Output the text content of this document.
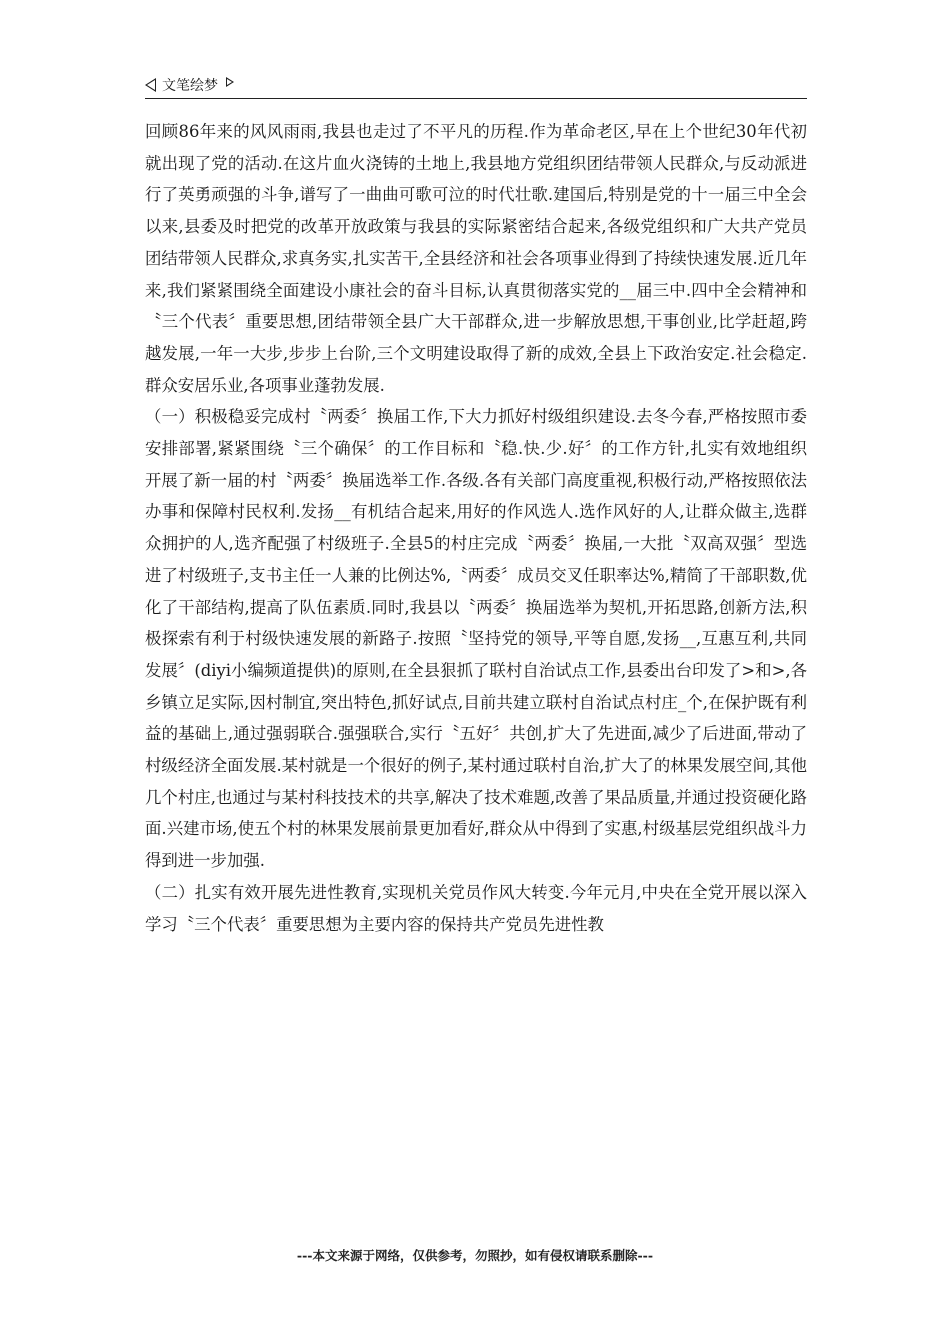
文笔绘梦

回顾86年来的风风雨雨,我县也走过了不平凡的历程.作为革命老区,早在上个世纪30年代初就出现了党的活动.在这片血火浇铸的土地上,我县地方党组织团结带领人民群众,与反动派进行了英勇顽强的斗争,谱写了一曲曲可歌可泣的时代壮歌.建国后,特别是党的十一届三中全会以来,县委及时把党的改革开放政策与我县的实际紧密结合起来,各级党组织和广大共产党员团结带领人民群众,求真务实,扎实苦干,全县经济和社会各项事业得到了持续快速发展.近几年来,我们紧紧围绕全面建设小康社会的奋斗目标,认真贯彻落实党的__届三中.四中全会精神和〝三个代表〞重要思想,团结带领全县广大干部群众,进一步解放思想,干事创业,比学赶超,跨越发展,一年一大步,步步上台阶,三个文明建设取得了新的成效,全县上下政治安定.社会稳定.群众安居乐业,各项事业蓬勃发展.

（一）积极稳妥完成村〝两委〞换届工作,下大力抓好村级组织建设.去冬今春,严格按照市委安排部署,紧紧围绕〝三个确保〞的工作目标和〝稳.快.少.好〞的工作方针,扎实有效地组织开展了新一届的村〝两委〞换届选举工作.各级.各有关部门高度重视,积极行动,严格按照依法办事和保障村民权利.发扬__有机结合起来,用好的作风选人.选作风好的人,让群众做主,选群众拥护的人,选齐配强了村级班子.全县5的村庄完成〝两委〞换届,一大批〝双高双强〞型选进了村级班子,支书主任一人兼的比例达%,〝两委〞成员交叉任职率达%,精简了干部职数,优化了干部结构,提高了队伍素质.同时,我县以〝两委〞换届选举为契机,开拓思路,创新方法,积极探索有利于村级快速发展的新路子.按照〝坚持党的领导,平等自愿,发扬__,互惠互利,共同发展〞(diyi小编频道提供)的原则,在全县狠抓了联村自治试点工作,县委出台印发了>和>,各乡镇立足实际,因村制宜,突出特色,抓好试点,目前共建立联村自治试点村庄_个,在保护既有利益的基础上,通过强弱联合.强强联合,实行〝五好〞共创,扩大了先进面,减少了后进面,带动了村级经济全面发展.某村就是一个很好的例子,某村通过联村自治,扩大了的林果发展空间,其他几个村庄,也通过与某村科技技术的共享,解决了技术难题,改善了果品质量,并通过投资硬化路面.兴建市场,使五个村的林果发展前景更加看好,群众从中得到了实惠,村级基层党组织战斗力得到进一步加强.

（二）扎实有效开展先进性教育,实现机关党员作风大转变.今年元月,中央在全党开展以深入学习〝三个代表〞重要思想为主要内容的保持共产党员先进性教

---本文来源于网络，仅供参考，勿照抄，如有侵权请联系删除---
